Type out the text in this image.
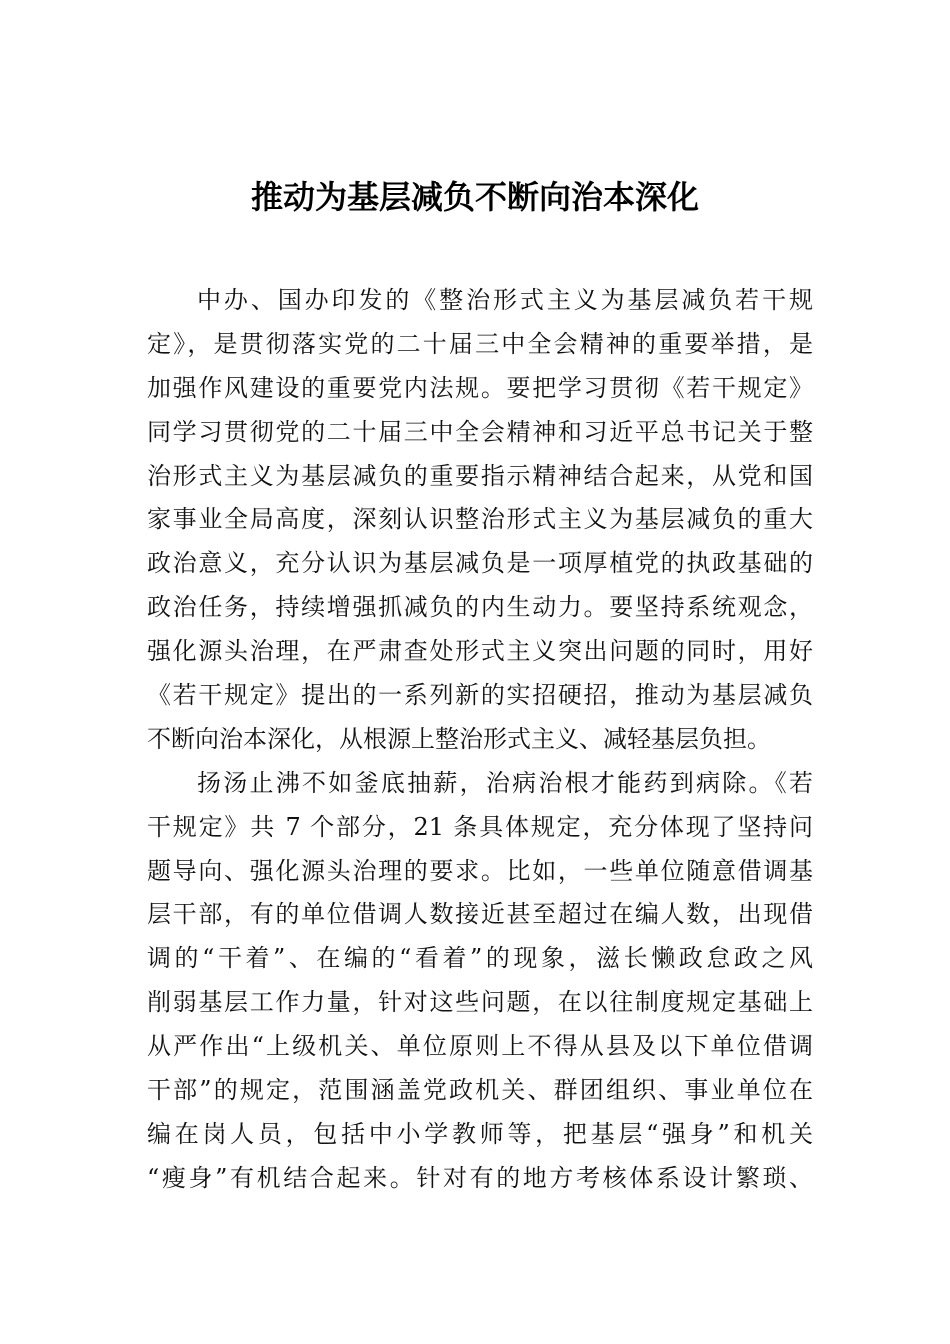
推动为基层减负不断向治本深化
中办、国办印发的《整治形式主义为基层减负若干规
定》，是贯彻落实党的二十届三中全会精神的重要举措，是
加强作风建设的重要党内法规。要把学习贯彻《若干规定》
同学习贯彻党的二十届三中全会精神和习近平总书记关于整
治形式主义为基层减负的重要指示精神结合起来，从党和国
家事业全局高度，深刻认识整治形式主义为基层减负的重大
政治意义，充分认识为基层减负是一项厚植党的执政基础的
政治任务，持续增强抓减负的内生动力。要坚持系统观念，
强化源头治理，在严肃查处形式主义突出问题的同时，用好
《若干规定》提出的一系列新的实招硬招，推动为基层减负
不断向治本深化，从根源上整治形式主义、减轻基层负担。
扬汤止沸不如釜底抽薪，治病治根才能药到病除。《若
干规定》共 7 个部分，21 条具体规定，充分体现了坚持问
题导向、强化源头治理的要求。比如，一些单位随意借调基
层干部，有的单位借调人数接近甚至超过在编人数，出现借
调的“干着”、在编的“看着”的现象，滋长懒政怠政之风
削弱基层工作力量，针对这些问题，在以往制度规定基础上
从严作出“上级机关、单位原则上不得从县及以下单位借调
干部”的规定，范围涵盖党政机关、群团组织、事业单位在
编在岗人员，包括中小学教师等，把基层“强身”和机关
“瘦身”有机结合起来。针对有的地方考核体系设计繁琐、
